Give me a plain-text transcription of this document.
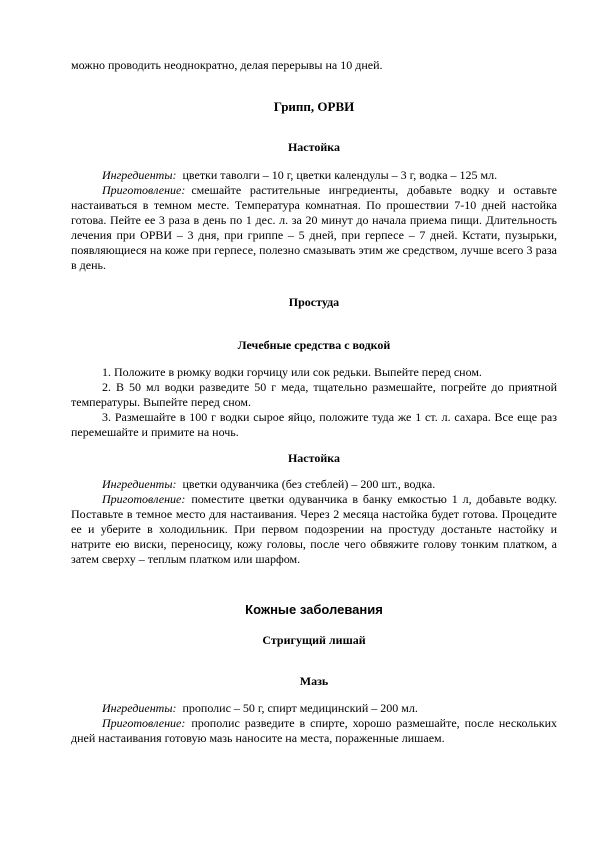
можно проводить неоднократно, делая перерывы на 10 дней.

Грипп, ОРВИ
Настойка

Ингредиенты: цветки таволги – 10 г, цветки календулы – 3 г, водка – 125 мл.

Приготовление: смешайте растительные ингредиенты, добавьте водку и оставьте настаиваться в темном месте. Температура комнатная. По прошествии 7-10 дней настойка готова. Пейте ее 3 раза в день по 1 дес. л. за 20 минут до начала приема пищи. Длительность лечения при ОРВИ – 3 дня, при гриппе – 5 дней, при герпесе – 7 дней. Кстати, пузырьки, появляющиеся на коже при герпесе, полезно смазывать этим же средством, лучше всего 3 раза в день.

Простуда
Лечебные средства с водкой

1. Положите в рюмку водки горчицу или сок редьки. Выпейте перед сном.

2. В 50 мл водки разведите 50 г меда, тщательно размешайте, погрейте до приятной температуры. Выпейте перед сном.

3. Размешайте в 100 г водки сырое яйцо, положите туда же 1 ст. л. сахара. Все еще раз перемешайте и примите на ночь.

Настойка

Ингредиенты: цветки одуванчика (без стеблей) – 200 шт., водка.

Приготовление: поместите цветки одуванчика в банку емкостью 1 л, добавьте водку. Поставьте в темное место для настаивания. Через 2 месяца настойка будет готова. Процедите ее и уберите в холодильник. При первом подозрении на простуду достаньте настойку и натрите ею виски, переносицу, кожу головы, после чего обвяжите голову тонким платком, а затем сверху – теплым платком или шарфом.

Кожные заболевания
Стригущий лишай
Мазь

Ингредиенты: прополис – 50 г, спирт медицинский – 200 мл.

Приготовление: прополис разведите в спирте, хорошо размешайте, после нескольких дней настаивания готовую мазь наносите на места, пораженные лишаем.
